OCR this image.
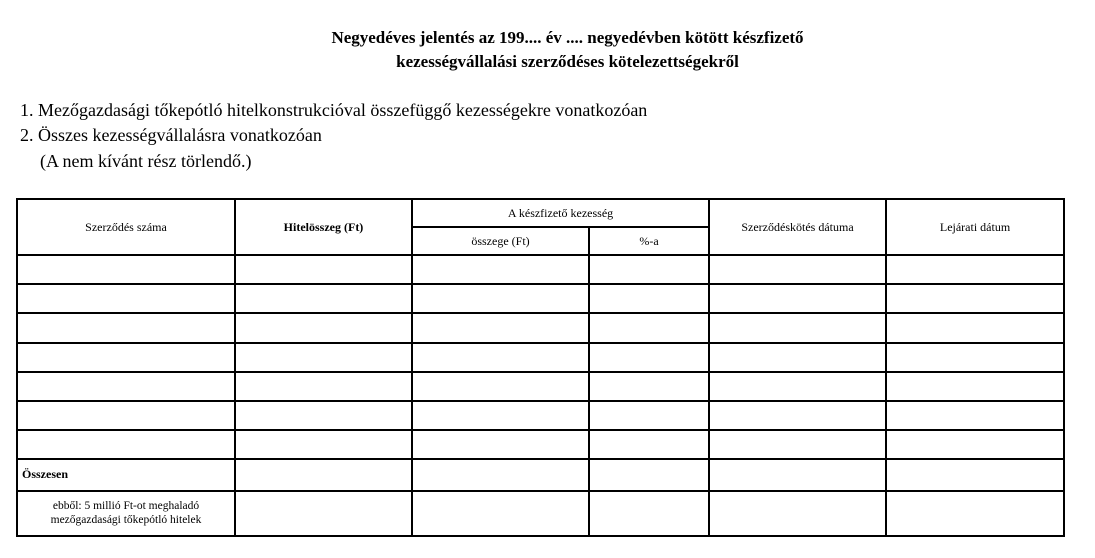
Negyedéves jelentés az 199.... év .... negyedévben kötött készfizető
kezességvállalási szerződéses kötelezettségekről
1. Mezőgazdasági tőkepótló hitelkonstrukcióval összefüggő kezességekre vonatkozóan
2. Összes kezességvállalásra vonatkozóan
(A nem kívánt rész törlendő.)
Szerződés száma	Hitelösszeg (Ft)	A készfizető kezesség		Szerződéskötés dátuma	Lejárati dátum
		összege (Ft)	%-a		

Összesen					
ebből: 5 millió Ft-ot meghaladó mezőgazdasági tőkepótló hitelek					
